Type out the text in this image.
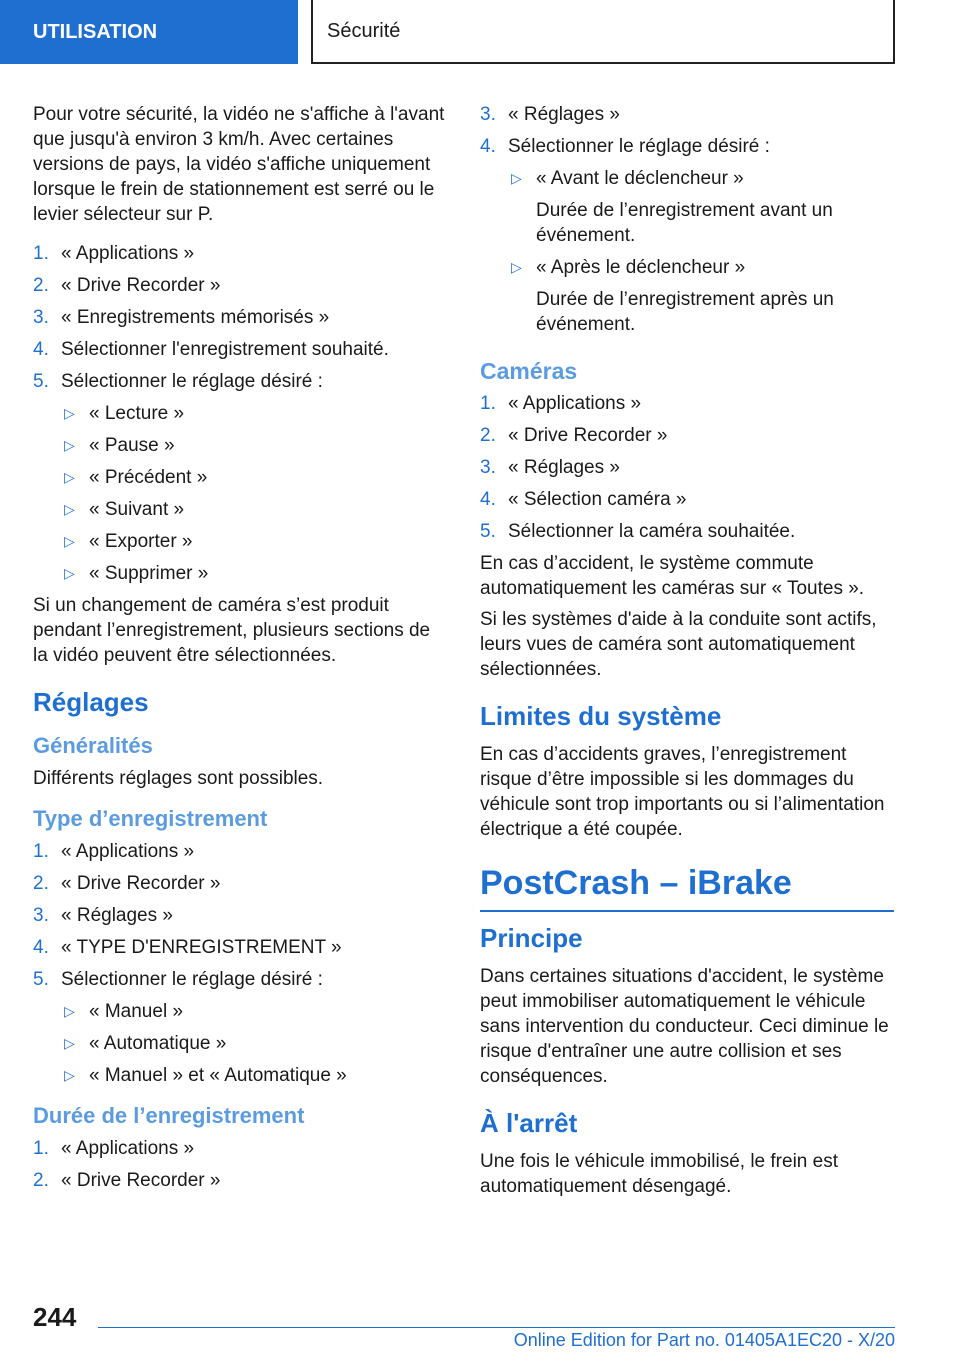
UTILISATION	Sécurité

Pour votre sécurité, la vidéo ne s'affiche à l'avant que jusqu'à environ 3 km/h. Avec certaines versions de pays, la vidéo s'affiche uniquement lorsque le frein de stationnement est serré ou le levier sélecteur sur P.

1. « Applications »
2. « Drive Recorder »
3. « Enregistrements mémorisés »
4. Sélectionner l'enregistrement souhaité.
5. Sélectionner le réglage désiré :
▷ « Lecture »
▷ « Pause »
▷ « Précédent »
▷ « Suivant »
▷ « Exporter »
▷ « Supprimer »

Si un changement de caméra s’est produit pendant l’enregistrement, plusieurs sections de la vidéo peuvent être sélectionnées.

Réglages
Généralités

Différents réglages sont possibles.

Type d’enregistrement
1. « Applications »
2. « Drive Recorder »
3. « Réglages »
4. « TYPE D'ENREGISTREMENT »
5. Sélectionner le réglage désiré :
▷ « Manuel »
▷ « Automatique »
▷ « Manuel » et « Automatique »
Durée de l’enregistrement
1. « Applications »
2. « Drive Recorder »
3. « Réglages »
4. Sélectionner le réglage désiré :
▷ « Avant le déclencheur »
Durée de l’enregistrement avant un événement.
▷ « Après le déclencheur »
Durée de l’enregistrement après un événement.
Caméras
1. « Applications »
2. « Drive Recorder »
3. « Réglages »
4. « Sélection caméra »
5. Sélectionner la caméra souhaitée.

En cas d’accident, le système commute automatiquement les caméras sur « Toutes ».

Si les systèmes d'aide à la conduite sont actifs, leurs vues de caméra sont automatiquement sélectionnées.

Limites du système

En cas d’accidents graves, l’enregistrement risque d’être impossible si les dommages du véhicule sont trop importants ou si l’alimentation électrique a été coupée.

PostCrash – iBrake
Principe

Dans certaines situations d'accident, le système peut immobiliser automatiquement le véhicule sans intervention du conducteur. Ceci diminue le risque d'entraîner une autre collision et ses conséquences.

À l'arrêt

Une fois le véhicule immobilisé, le frein est automatiquement désengagé.

244
Online Edition for Part no. 01405A1EC20 - X/20
